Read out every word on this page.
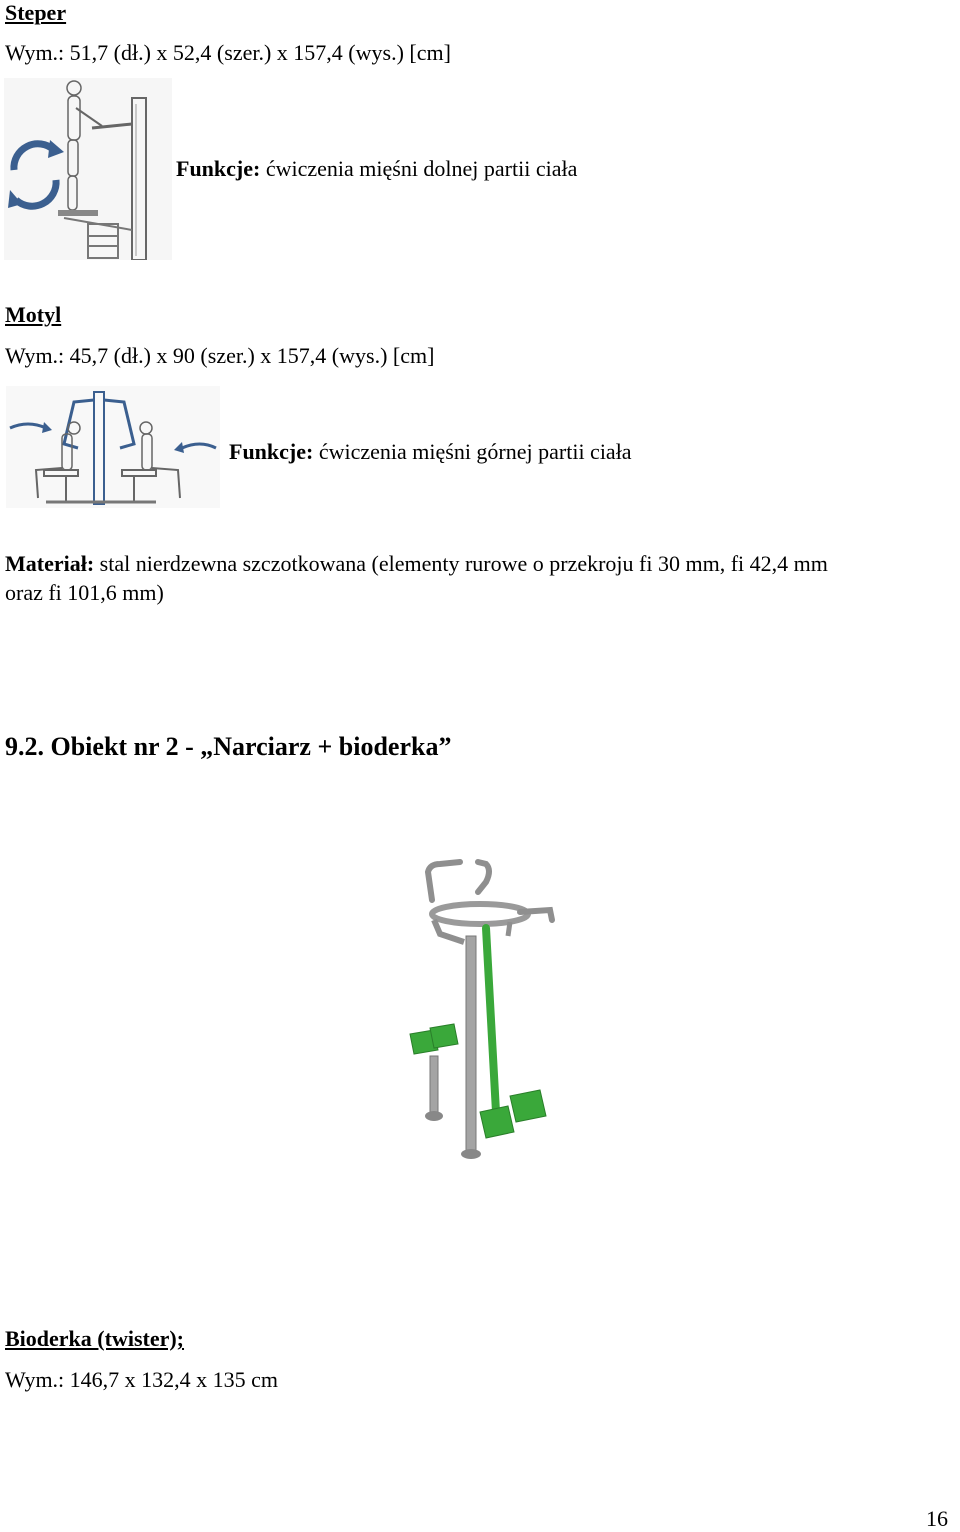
Steper
Wym.: 51,7 (dł.) x 52,4 (szer.) x 157,4 (wys.) [cm]
Funkcje: ćwiczenia mięśni dolnej partii ciała
Motyl
Wym.: 45,7 (dł.) x 90 (szer.) x 157,4 (wys.) [cm]
Funkcje: ćwiczenia mięśni górnej partii ciała
Materiał: stal nierdzewna szczotkowana (elementy rurowe o przekroju fi 30 mm, fi 42,4 mm
oraz fi 101,6 mm)
9.2. Obiekt nr 2 - „Narciarz + bioderka”
Bioderka (twister);
Wym.: 146,7 x 132,4 x 135 cm
16
